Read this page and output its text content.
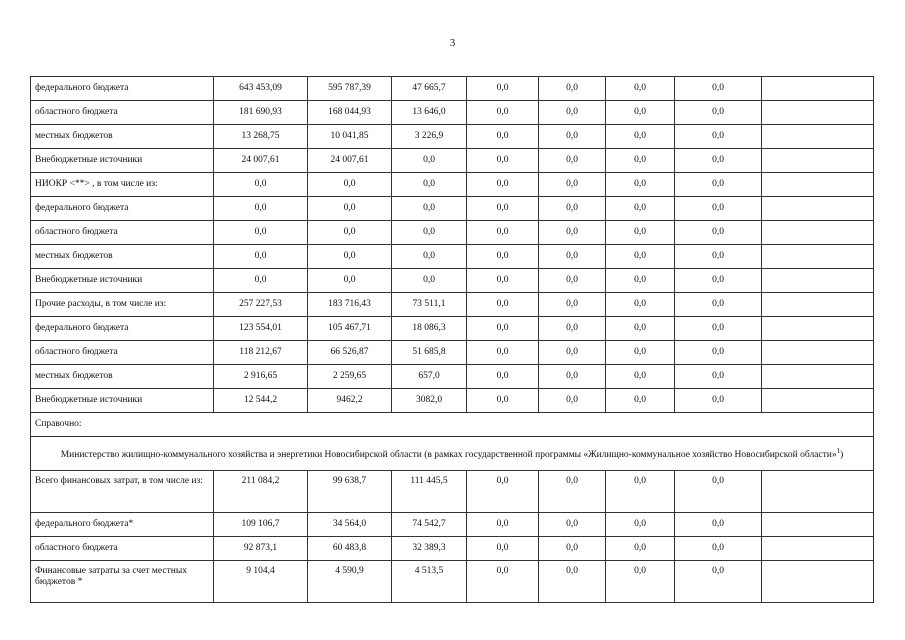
3
федерального бюджета	643 453,09	595 787,39	47 665,7	0,0	0,0	0,0	0,0	
областного бюджета	181 690,93	168 044,93	13 646,0	0,0	0,0	0,0	0,0	
местных бюджетов	13 268,75	10 041,85	3 226,9	0,0	0,0	0,0	0,0	
Внебюджетные источники	24 007,61	24 007,61	0,0	0,0	0,0	0,0	0,0	
НИОКР <**> , в том числе из:	0,0	0,0	0,0	0,0	0,0	0,0	0,0	
федерального бюджета	0,0	0,0	0,0	0,0	0,0	0,0	0,0	
областного бюджета	0,0	0,0	0,0	0,0	0,0	0,0	0,0	
местных бюджетов	0,0	0,0	0,0	0,0	0,0	0,0	0,0	
Внебюджетные источники	0,0	0,0	0,0	0,0	0,0	0,0	0,0	
Прочие расходы, в том числе из:	257 227,53	183 716,43	73 511,1	0,0	0,0	0,0	0,0	
федерального бюджета	123 554,01	105 467,71	18 086,3	0,0	0,0	0,0	0,0	
областного бюджета	118 212,67	66 526,87	51 685,8	0,0	0,0	0,0	0,0	
местных бюджетов	2 916,65	2 259,65	657,0	0,0	0,0	0,0	0,0	
Внебюджетные источники	12 544,2	9462,2	3082,0	0,0	0,0	0,0	0,0	
Справочно:								
Министерство жилищно-коммунального хозяйства и энергетики Новосибирской области (в рамках государственной программы «Жилищно-коммунальное хозяйство Новосибирской области»$^1$)								
Всего финансовых затрат, в том числе из:	211 084,2	99 638,7	111 445,5	0,0	0,0	0,0	0,0	
федерального бюджета*	109 106,7	34 564,0	74 542,7	0,0	0,0	0,0	0,0	
областного бюджета	92 873,1	60 483,8	32 389,3	0,0	0,0	0,0	0,0	
Финансовые затраты за счет местных бюджетов *	9 104,4	4 590,9	4 513,5	0,0	0,0	0,0	0,0	
